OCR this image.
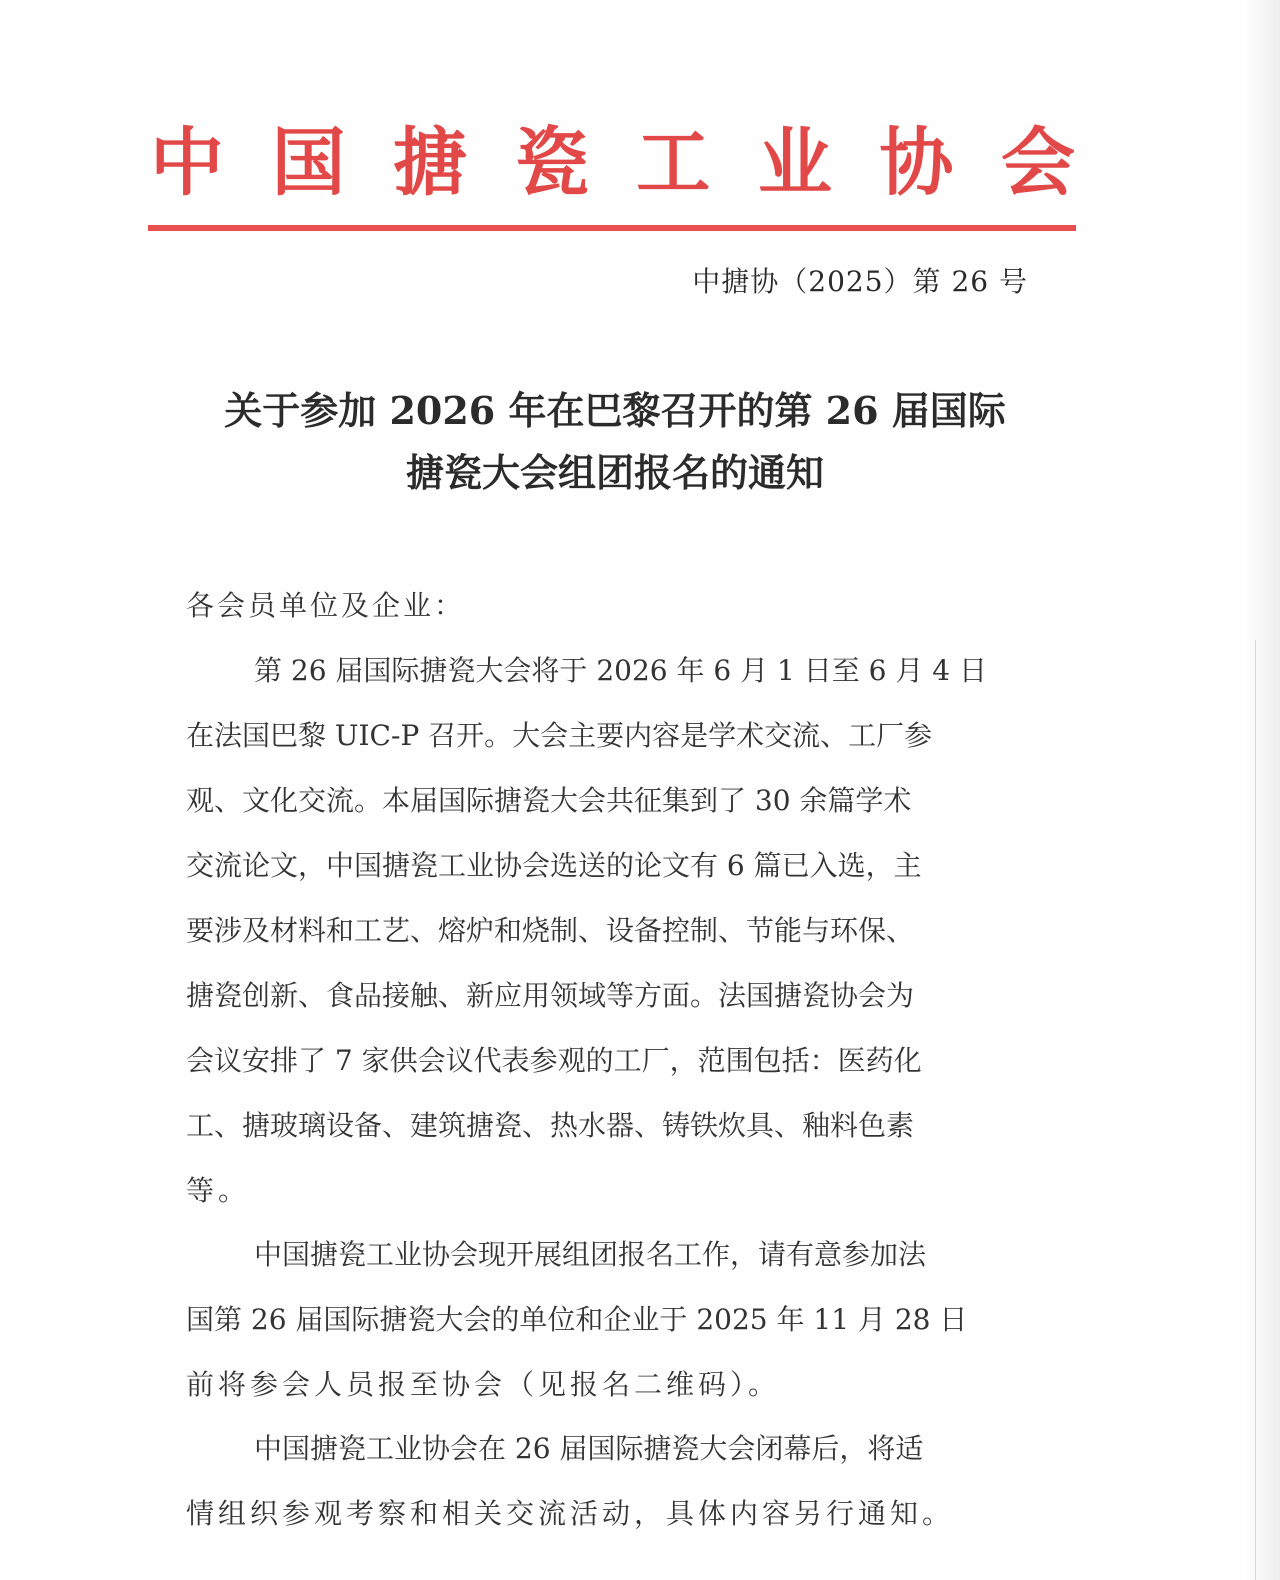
中 国 搪 瓷 工 业 协 会
中搪协（2025）第 26 号
关于参加 2026 年在巴黎召开的第 26 届国际
搪瓷大会组团报名的通知
各会员单位及企业：
第 26 届国际搪瓷大会将于 2026 年 6 月 1 日至 6 月 4 日
在法国巴黎 UIC-P 召开。大会主要内容是学术交流、工厂参
观、文化交流。本届国际搪瓷大会共征集到了 30 余篇学术
交流论文，中国搪瓷工业协会选送的论文有 6 篇已入选，主
要涉及材料和工艺、熔炉和烧制、设备控制、节能与环保、
搪瓷创新、食品接触、新应用领域等方面。法国搪瓷协会为
会议安排了 7 家供会议代表参观的工厂，范围包括：医药化
工、搪玻璃设备、建筑搪瓷、热水器、铸铁炊具、釉料色素
等。
中国搪瓷工业协会现开展组团报名工作，请有意参加法
国第 26 届国际搪瓷大会的单位和企业于 2025 年 11 月 28 日
前将参会人员报至协会（见报名二维码）。
中国搪瓷工业协会在 26 届国际搪瓷大会闭幕后，将适
情组织参观考察和相关交流活动，具体内容另行通知。
